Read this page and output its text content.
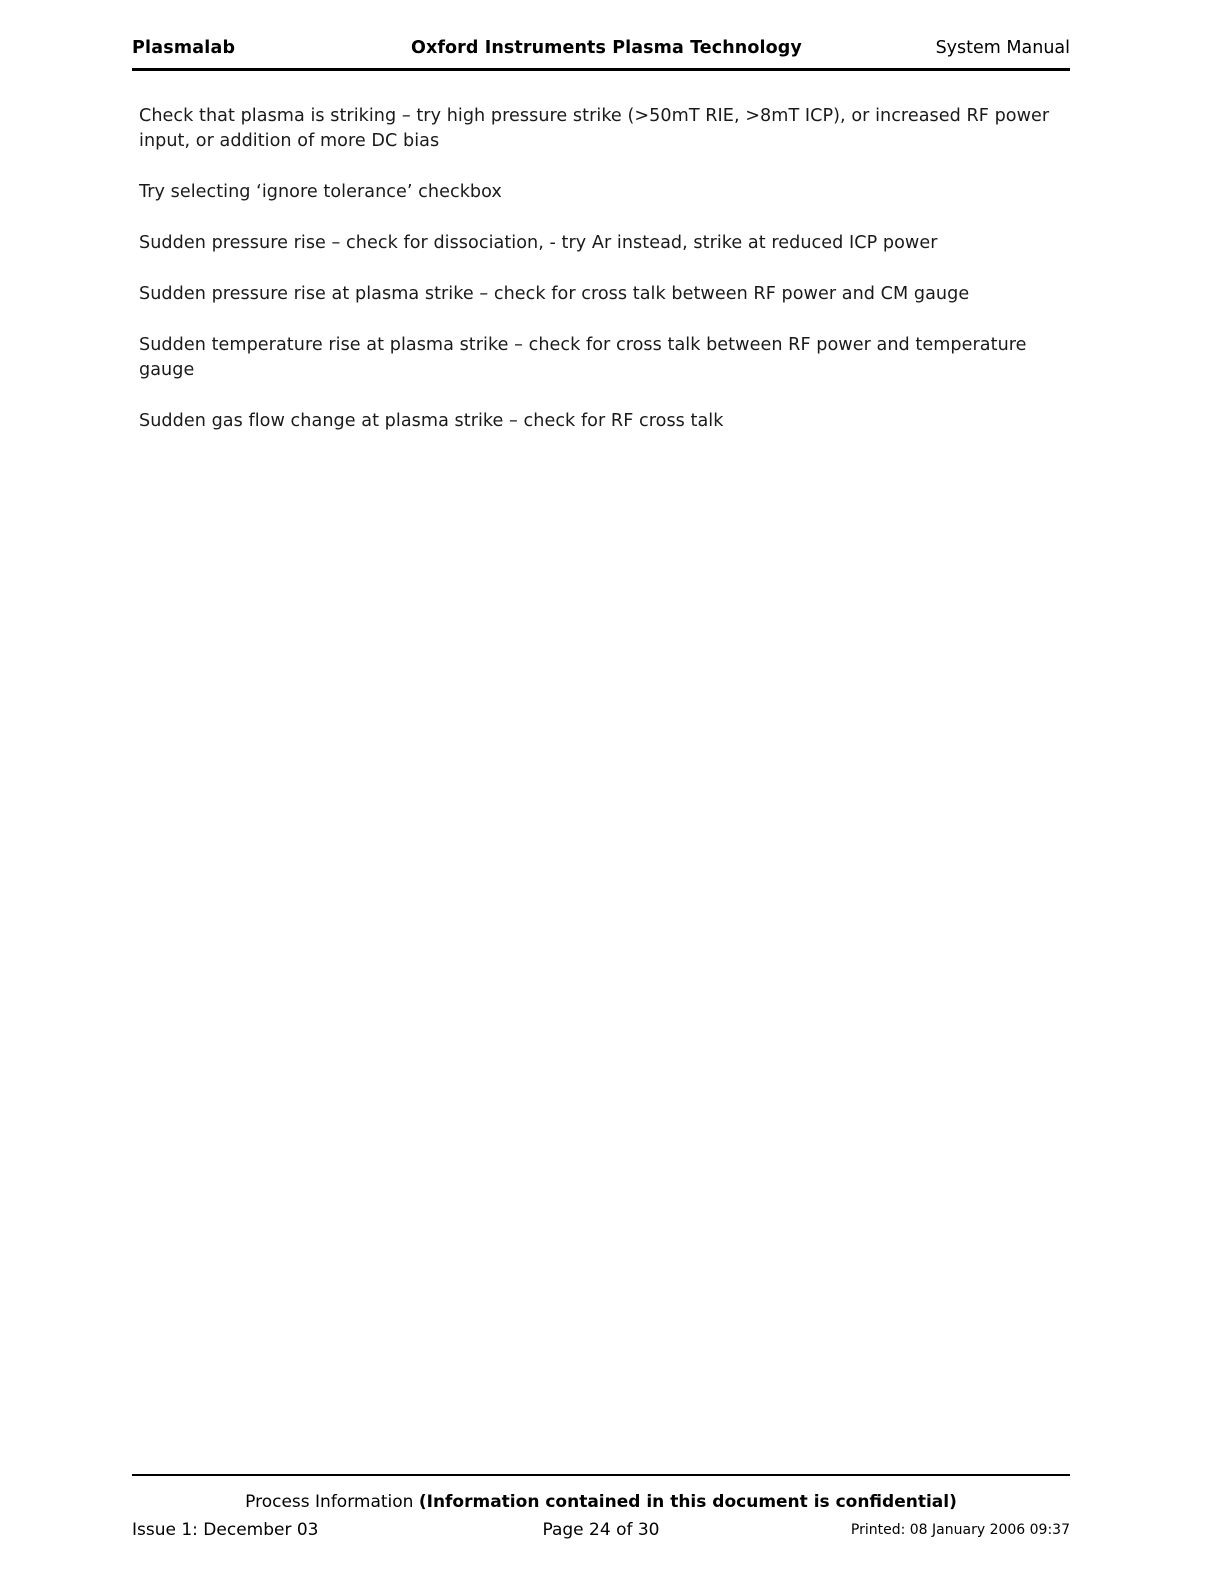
Plasmalab	Oxford Instruments Plasma Technology	System Manual

Check that plasma is striking – try high pressure strike (>50mT RIE, >8mT ICP), or increased RF power input, or addition of more DC bias

Try selecting ‘ignore tolerance’ checkbox

Sudden pressure rise – check for dissociation, - try Ar instead, strike at reduced ICP power

Sudden pressure rise at plasma strike – check for cross talk between RF power and CM gauge

Sudden temperature rise at plasma strike – check for cross talk between RF power and temperature gauge

Sudden gas flow change at plasma strike – check for RF cross talk

Process Information (Information contained in this document is confidential)
Issue 1: December 03	Page 24 of 30	Printed: 08 January 2006 09:37
